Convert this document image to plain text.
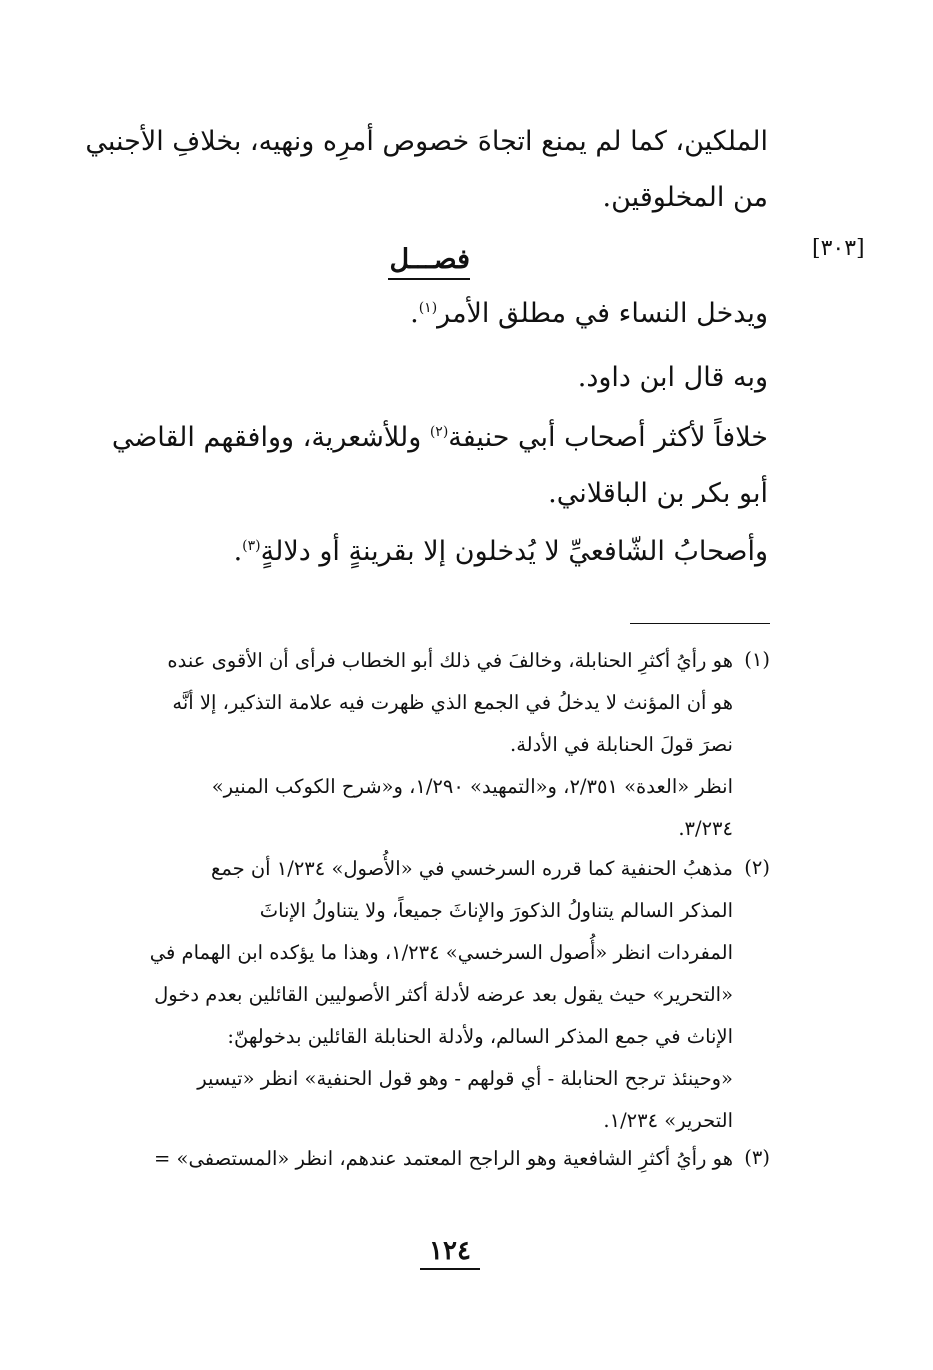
الملكين، كما لم يمنع اتجاهَ خصوص أمرِه ونهيه، بخلافِ الأجنبي
من المخلوقين.
[٣٠٣]
فصـــل
ويدخل النساء في مطلق الأمر$^{(١)}$.
وبه قال ابن داود.
خلافاً لأكثر أصحاب أبي حنيفة$^{(٢)}$ وللأشعرية، ووافقهم القاضي
أبو بكر بن الباقلاني.
وأصحابُ الشّافعيِّ لا يُدخلون إلا بقرينةٍ أو دلالةٍ$^{(٣)}$.
(١)

هو رأيُ أكثرِ الحنابلة، وخالفَ في ذلك أبو الخطاب فرأى أن الأقوى عنده

هو أن المؤنث لا يدخلُ في الجمع الذي ظهرت فيه علامة التذكير، إلا أنَّه

نصرَ قولَ الحنابلة في الأدلة.

انظر «العدة» ٢/٣٥١، و«التمهيد» ١/٢٩٠، و«شرح الكوكب المنير»

٣/٢٣٤.

(٢)

مذهبُ الحنفية كما قرره السرخسي في «الأُصول» ١/٢٣٤ أن جمع

المذكر السالم يتناولُ الذكورَ والإناثَ جميعاً، ولا يتناولُ الإناثَ

المفردات انظر «أُصول السرخسي» ١/٢٣٤، وهذا ما يؤكده ابن الهمام في

«التحرير» حيث يقول بعد عرضه لأدلة أكثر الأصوليين القائلين بعدم دخول

الإناث في جمع المذكر السالم، ولأدلة الحنابلة القائلين بدخولهنّ:

«وحينئذ ترجح الحنابلة - أي قولهم - وهو قول الحنفية» انظر «تيسير

التحرير» ١/٢٣٤.

(٣)

هو رأيُ أكثرِ الشافعية وهو الراجح المعتمد عندهم، انظر «المستصفى» =

١٢٤
